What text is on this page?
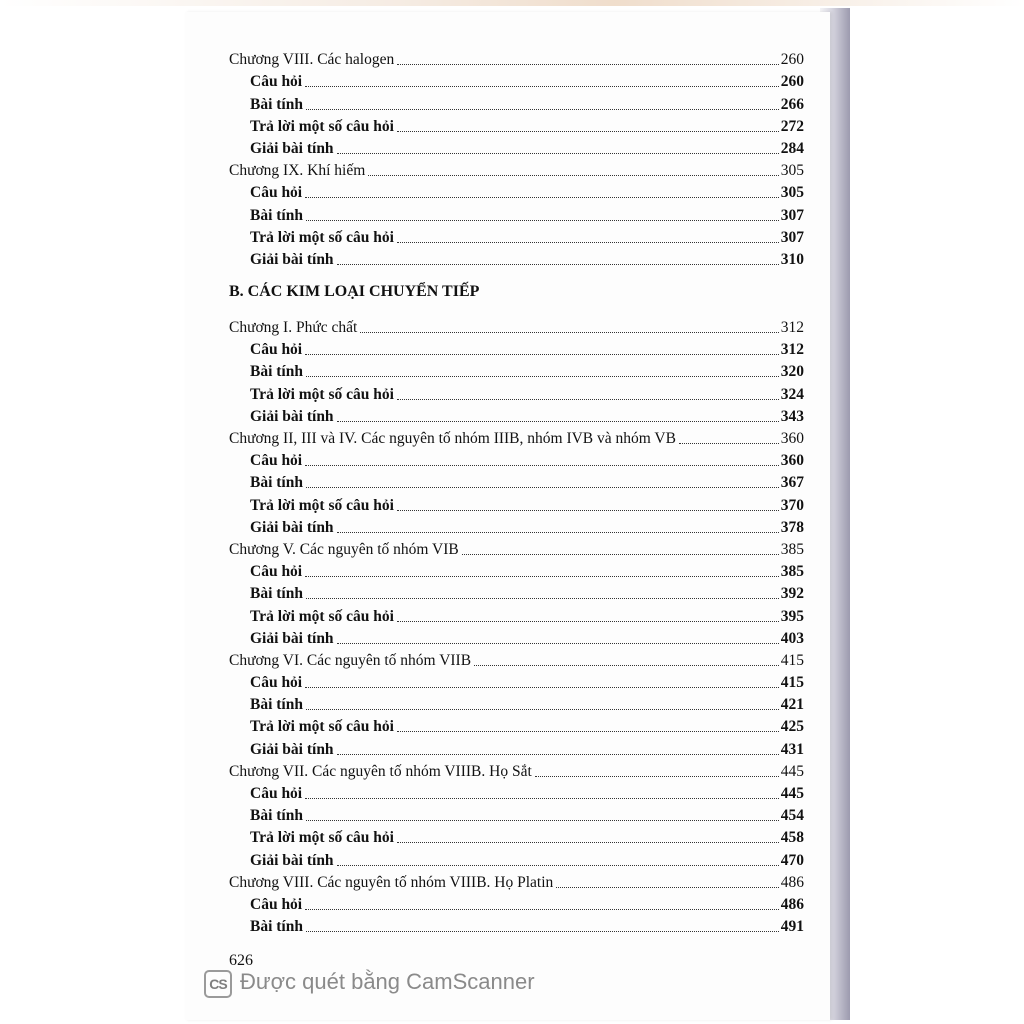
Chương VIII. Các halogen	260
Câu hỏi	260
Bài tính	266
Trả lời một số câu hỏi	272
Giải bài tính	284
Chương IX. Khí hiếm	305
Câu hỏi	305
Bài tính	307
Trả lời một số câu hỏi	307
Giải bài tính	310
B. CÁC KIM LOẠI CHUYỂN TIẾP
Chương I. Phức chất	312
Câu hỏi	312
Bài tính	320
Trả lời một số câu hỏi	324
Giải bài tính	343
Chương II, III và IV. Các nguyên tố nhóm IIIB, nhóm IVB và nhóm VB	360
Câu hỏi	360
Bài tính	367
Trả lời một số câu hỏi	370
Giải bài tính	378
Chương V. Các nguyên tố nhóm VIB	385
Câu hỏi	385
Bài tính	392
Trả lời một số câu hỏi	395
Giải bài tính	403
Chương VI. Các nguyên tố nhóm VIIB	415
Câu hỏi	415
Bài tính	421
Trả lời một số câu hỏi	425
Giải bài tính	431
Chương VII. Các nguyên tố nhóm VIIIB. Họ Sắt	445
Câu hỏi	445
Bài tính	454
Trả lời một số câu hỏi	458
Giải bài tính	470
Chương VIII. Các nguyên tố nhóm VIIIB. Họ Platin	486
Câu hỏi	486
Bài tính	491
626
CS Được quét bằng CamScanner
